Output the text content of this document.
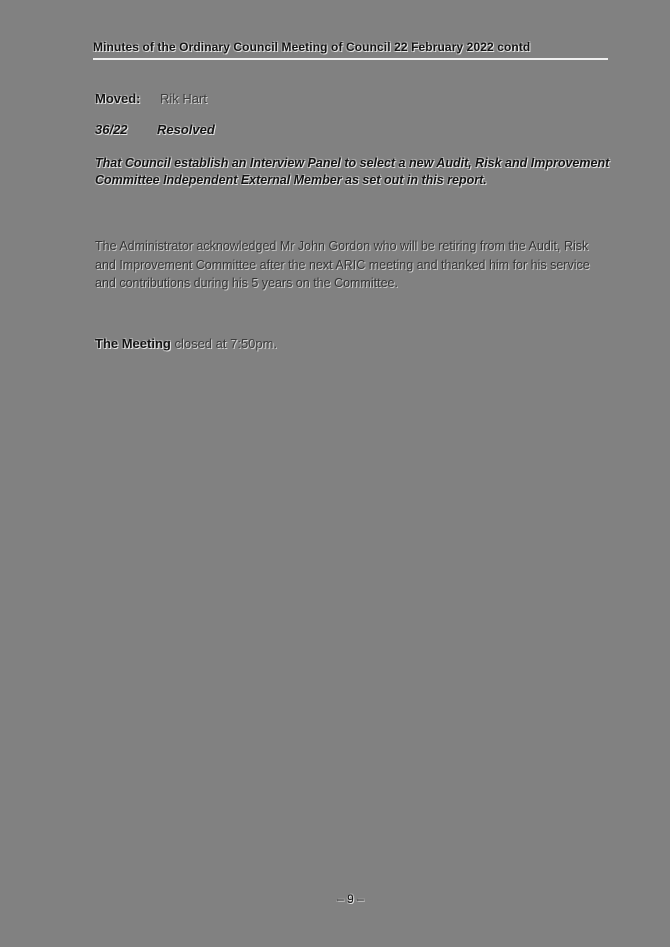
Minutes of the Ordinary Council Meeting of Council 22 February 2022 contd
Moved:	Rik Hart
36/22	Resolved
That Council establish an Interview Panel to select a new Audit, Risk and Improvement Committee Independent External Member as set out in this report.
The Administrator acknowledged Mr John Gordon who will be retiring from the Audit, Risk and Improvement Committee after the next ARIC meeting and thanked him for his service and contributions during his 5 years on the Committee.
The Meeting closed at 7:50pm.
– 9 –
